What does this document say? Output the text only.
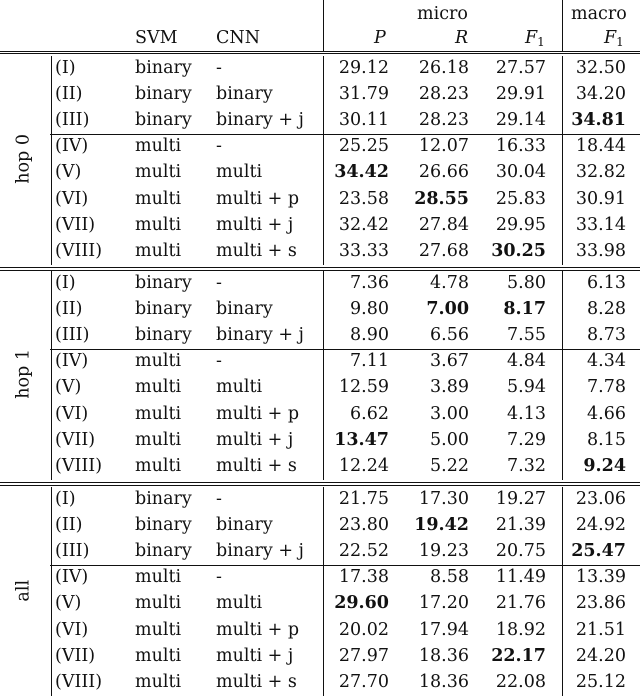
micro	macro
SVM CNN	P	R	$F_1$	$F_1$
(I)	binary -	29.12 26.18 27.57 32.50
(II)	binary binary	31.79 28.23 29.91 34.20
(III)	binary binary + j 30.11 28.23 29.14 34.81
(IV)	multi -	25.25 12.07 16.33 18.44
(V)	multi multi	34.42 26.66 30.04 32.82
(VI)	multi multi + p 23.58 28.55 25.83 30.91
(VII) multi multi + j	32.42 27.84 29.95 33.14
(VIII) multi multi + s 33.33 27.68 30.25 33.98
hop 0
(I)	binary -	7.36 4.78 5.80 6.13
(II)	binary binary	9.80 7.00 8.17 8.28
(III)	binary binary + j	8.90 6.56 7.55 8.73
(IV)	multi -	7.11 3.67 4.84 4.34
(V)	multi multi	12.59 3.89 5.94 7.78
(VI)	multi multi + p	6.62 3.00 4.13 4.66
(VII) multi multi + j 13.47 5.00 7.29 8.15
(VIII) multi multi + s 12.24 5.22 7.32 9.24
hop 1
(I)	binary -	21.75 17.30 19.27 23.06
(II)	binary binary	23.80 19.42 21.39 24.92
(III)	binary binary + j 22.52 19.23 20.75 25.47
(IV)	multi -	17.38 8.58 11.49 13.39
(V)	multi multi	29.60 17.20 21.76 23.86
(VI)	multi multi + p 20.02 17.94 18.92 21.51
(VII) multi multi + j	27.97 18.36 22.17 24.20
(VIII) multi multi + s 27.70 18.36 22.08 25.12
all
